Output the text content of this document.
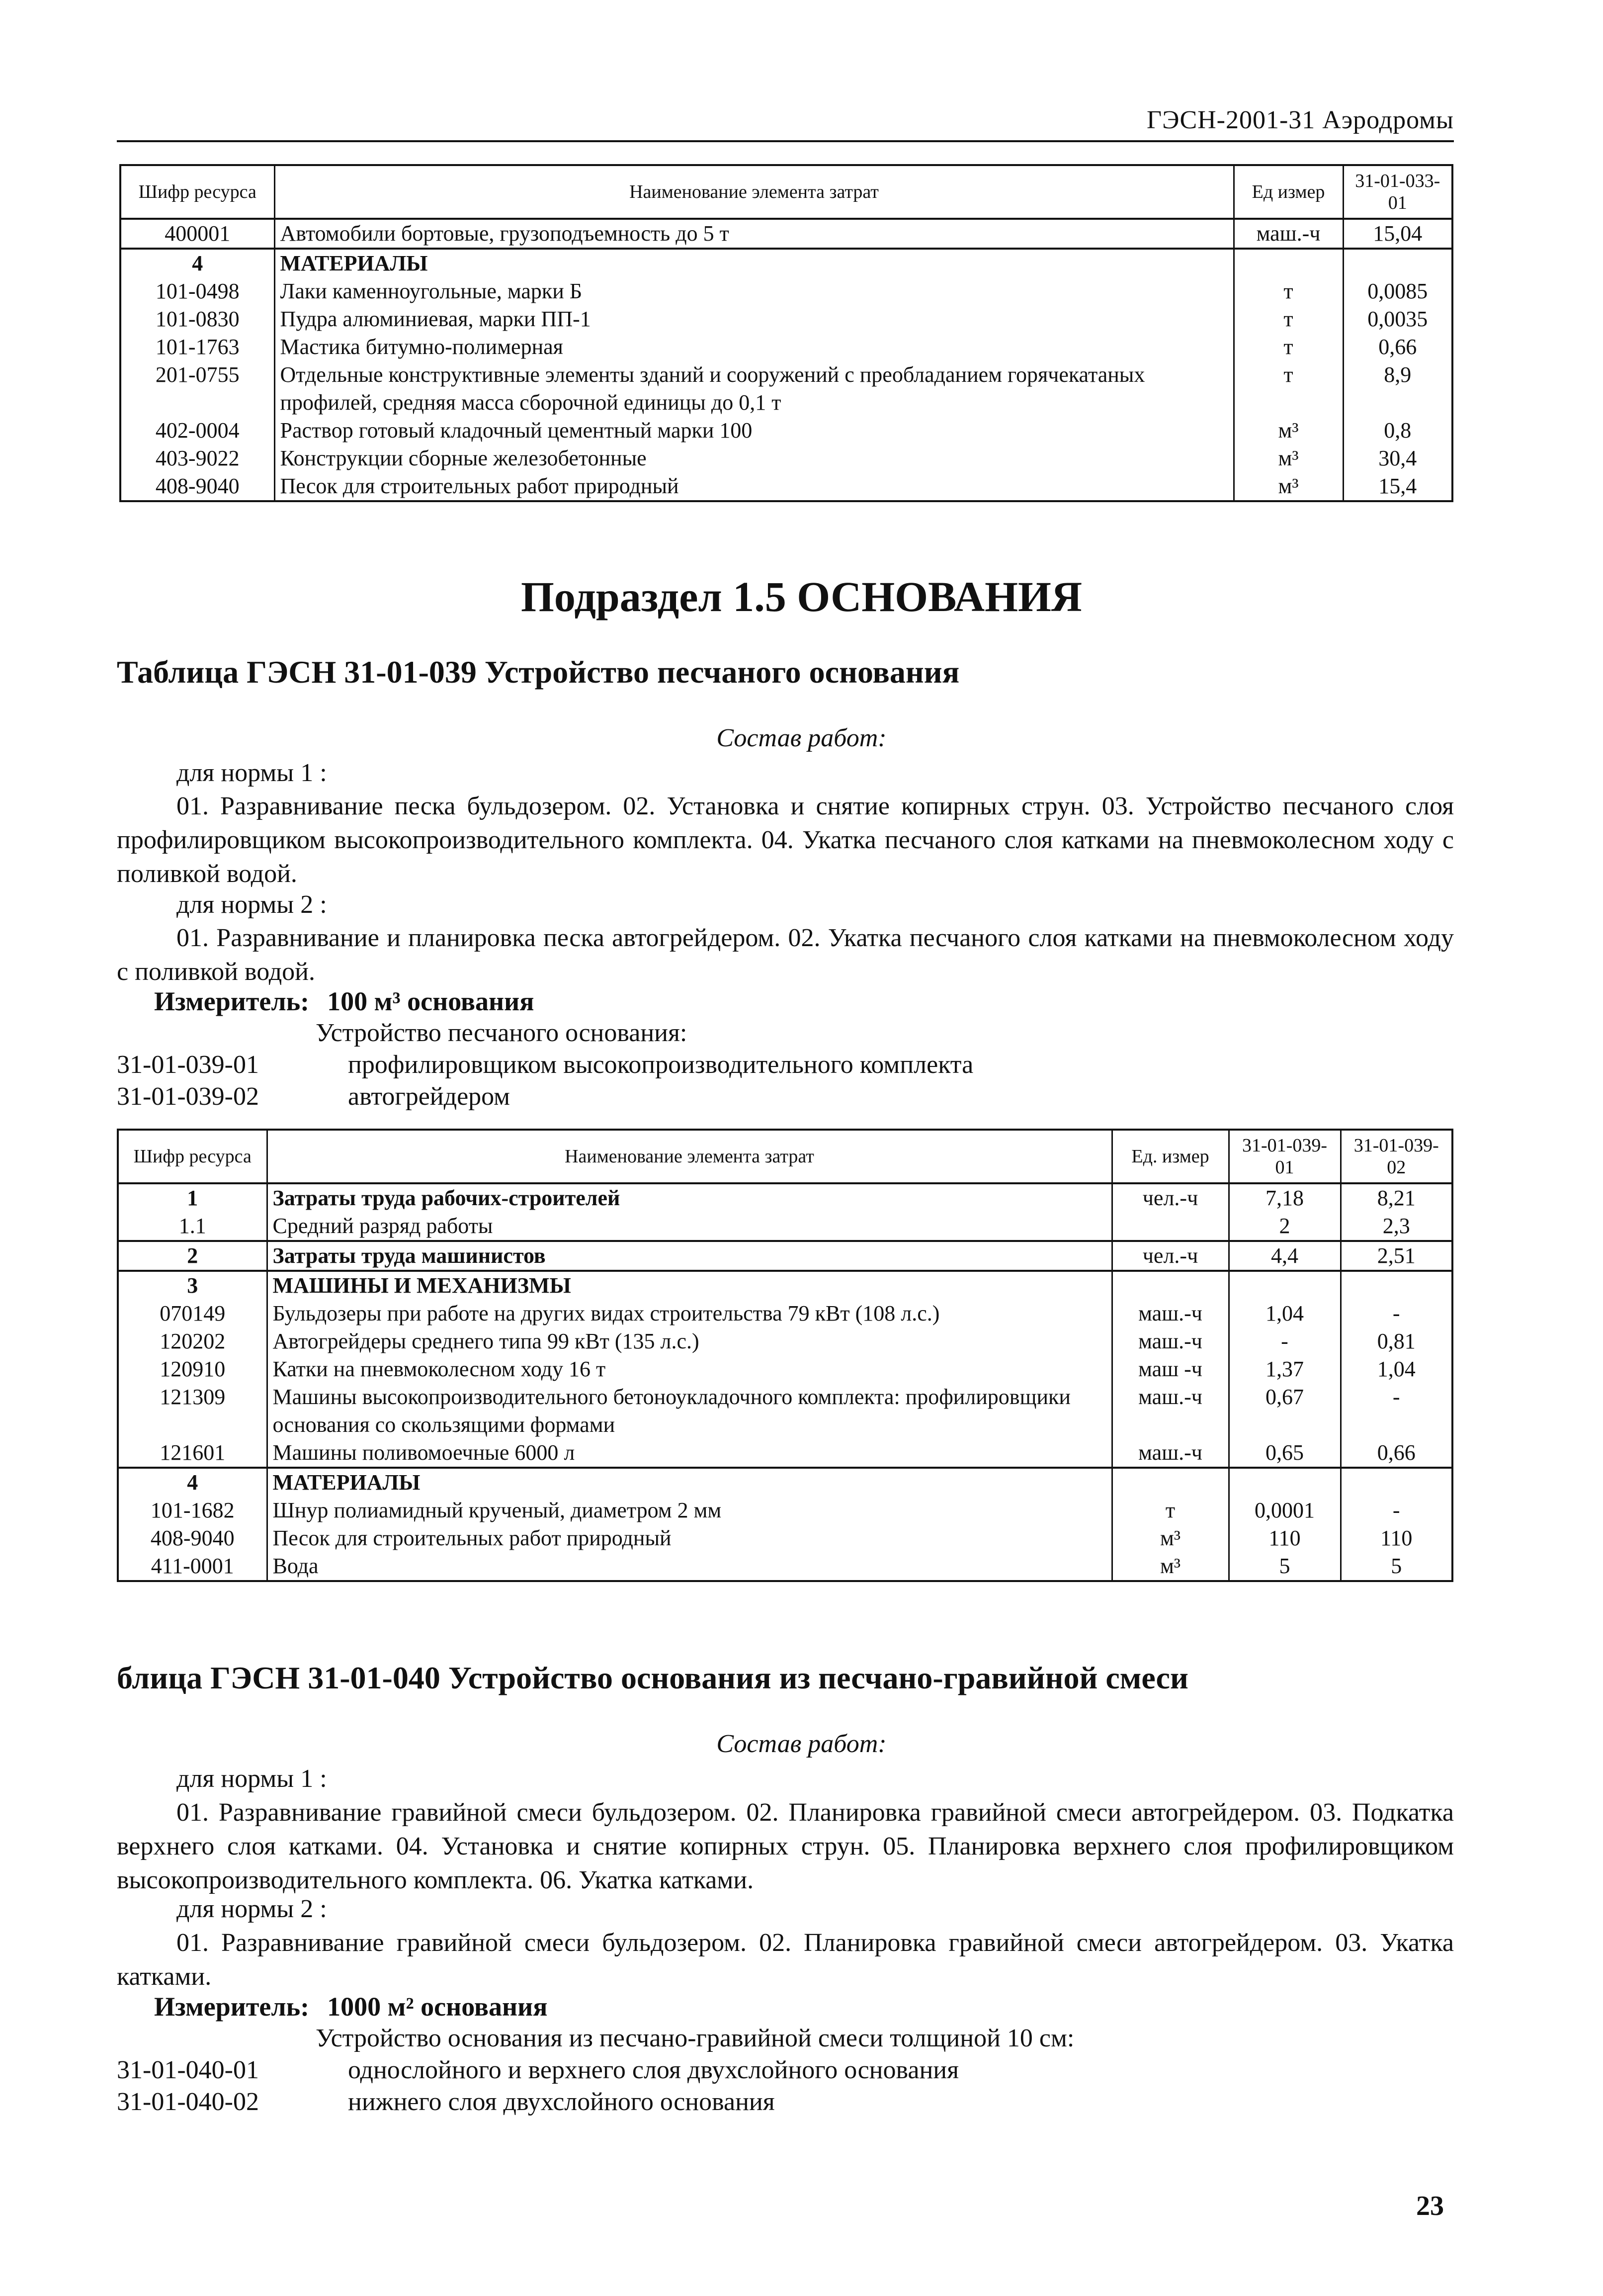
ГЭСН-2001-31 Аэродромы
Шифр ресурса	Наименование элемента затрат	Ед измер	31-01-033-01
400001	Автомобили бортовые, грузоподъемность до 5 т	маш.-ч	15,04
4	МАТЕРИАЛЫ		
101-0498	Лаки каменноугольные, марки Б	т	0,0085
101-0830	Пудра алюминиевая, марки ПП-1	т	0,0035
101-1763	Мастика битумно-полимерная	т	0,66
201-0755	Отдельные конструктивные элементы зданий и сооружений с преобладанием горячекатаных профилей, средняя масса сборочной единицы до 0,1 т	т	8,9
402-0004	Раствор готовый кладочный цементный марки 100	м³	0,8
403-9022	Конструкции сборные железобетонные	м³	30,4
408-9040	Песок для строительных работ природный	м³	15,4
Подраздел 1.5 ОСНОВАНИЯ
Таблица ГЭСН 31-01-039 Устройство песчаного основания
Состав работ:
для нормы 1 :
01. Разравнивание песка бульдозером. 02. Установка и снятие копирных струн. 03. Устройство песчаного слоя профилировщиком высокопроизводительного комплекта. 04. Укатка песчаного слоя катками на пневмоколесном ходу с поливкой водой.
для нормы 2 :
01. Разравнивание и планировка песка автогрейдером. 02. Укатка песчаного слоя катками на пневмоколесном ходу с поливкой водой.
Измеритель: 100 м³ основания
Устройство песчаного основания:
31-01-039-01	профилировщиком высокопроизводительного комплекта
31-01-039-02	автогрейдером
Шифр ресурса	Наименование элемента затрат	Ед. измер	31-01-039-01	31-01-039-02
1	Затраты труда рабочих-строителей	чел.-ч	7,18	8,21
1.1	Средний разряд работы		2	2,3
2	Затраты труда машинистов	чел.-ч	4,4	2,51
3	МАШИНЫ И МЕХАНИЗМЫ			
070149	Бульдозеры при работе на других видах строительства 79 кВт (108 л.с.)	маш.-ч	1,04	-
120202	Автогрейдеры среднего типа 99 кВт (135 л.с.)	маш.-ч	-	0,81
120910	Катки на пневмоколесном ходу 16 т	маш -ч	1,37	1,04
121309	Машины высокопроизводительного бетоноукладочного комплекта: профилировщики основания со скользящими формами	маш.-ч	0,67	-
121601	Машины поливомоечные 6000 л	маш.-ч	0,65	0,66
4	МАТЕРИАЛЫ			
101-1682	Шнур полиамидный крученый, диаметром 2 мм	т	0,0001	-
408-9040	Песок для строительных работ природный	м³	110	110
411-0001	Вода	м³	5	5
блица ГЭСН 31-01-040 Устройство основания из песчано-гравийной смеси
Состав работ:
для нормы 1 :
01. Разравнивание гравийной смеси бульдозером. 02. Планировка гравийной смеси автогрейдером. 03. Подкатка верхнего слоя катками. 04. Установка и снятие копирных струн. 05. Планировка верхнего слоя профилировщиком высокопроизводительного комплекта. 06. Укатка катками.
для нормы 2 :
01. Разравнивание гравийной смеси бульдозером. 02. Планировка гравийной смеси автогрейдером. 03. Укатка катками.
Измеритель: 1000 м² основания
Устройство основания из песчано-гравийной смеси толщиной 10 см:
31-01-040-01	однослойного и верхнего слоя двухслойного основания
31-01-040-02	нижнего слоя двухслойного основания
23
